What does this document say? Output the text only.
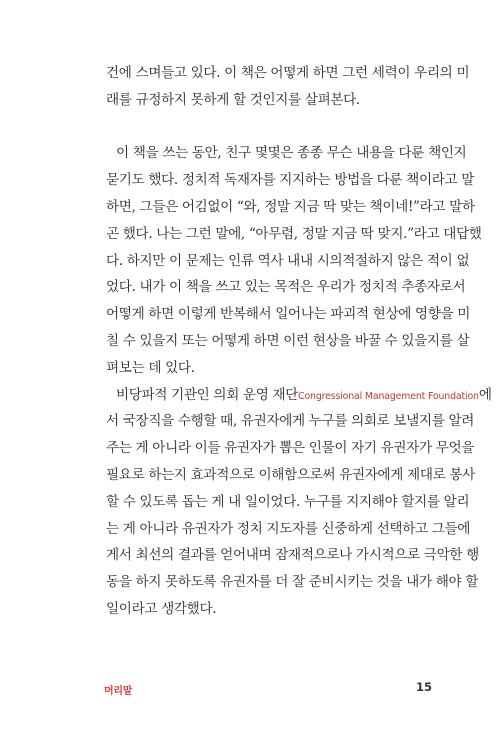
건에 스며들고 있다. 이 책은 어떻게 하면 그런 세력이 우리의 미
래를 규정하지 못하게 할 것인지를 살펴본다.
이 책을 쓰는 동안, 친구 몇몇은 종종 무슨 내용을 다룬 책인지
묻기도 했다. 정치적 독재자를 지지하는 방법을 다룬 책이라고 말
하면, 그들은 어김없이 “와, 정말 지금 딱 맞는 책이네!”라고 말하
곤 했다. 나는 그런 말에, “아무렴, 정말 지금 딱 맞지.”라고 대답했
다. 하지만 이 문제는 인류 역사 내내 시의적절하지 않은 적이 없
었다. 내가 이 책을 쓰고 있는 목적은 우리가 정치적 추종자로서
어떻게 하면 이렇게 반복해서 일어나는 파괴적 현상에 영향을 미
칠 수 있을지 또는 어떻게 하면 이런 현상을 바꿀 수 있을지를 살
펴보는 데 있다.
비당파적 기관인 의회 운영 재단Congressional Management Foundation에
서 국장직을 수행할 때, 유권자에게 누구를 의회로 보낼지를 알려
주는 게 아니라 이들 유권자가 뽑은 인물이 자기 유권자가 무엇을
필요로 하는지 효과적으로 이해함으로써 유권자에게 제대로 봉사
할 수 있도록 돕는 게 내 일이었다. 누구를 지지해야 할지를 알리
는 게 아니라 유권자가 정치 지도자를 신중하게 선택하고 그들에
게서 최선의 결과를 얻어내며 잠재적으로나 가시적으로 극악한 행
동을 하지 못하도록 유권자를 더 잘 준비시키는 것을 내가 해야 할
일이라고 생각했다.
머리말	15
